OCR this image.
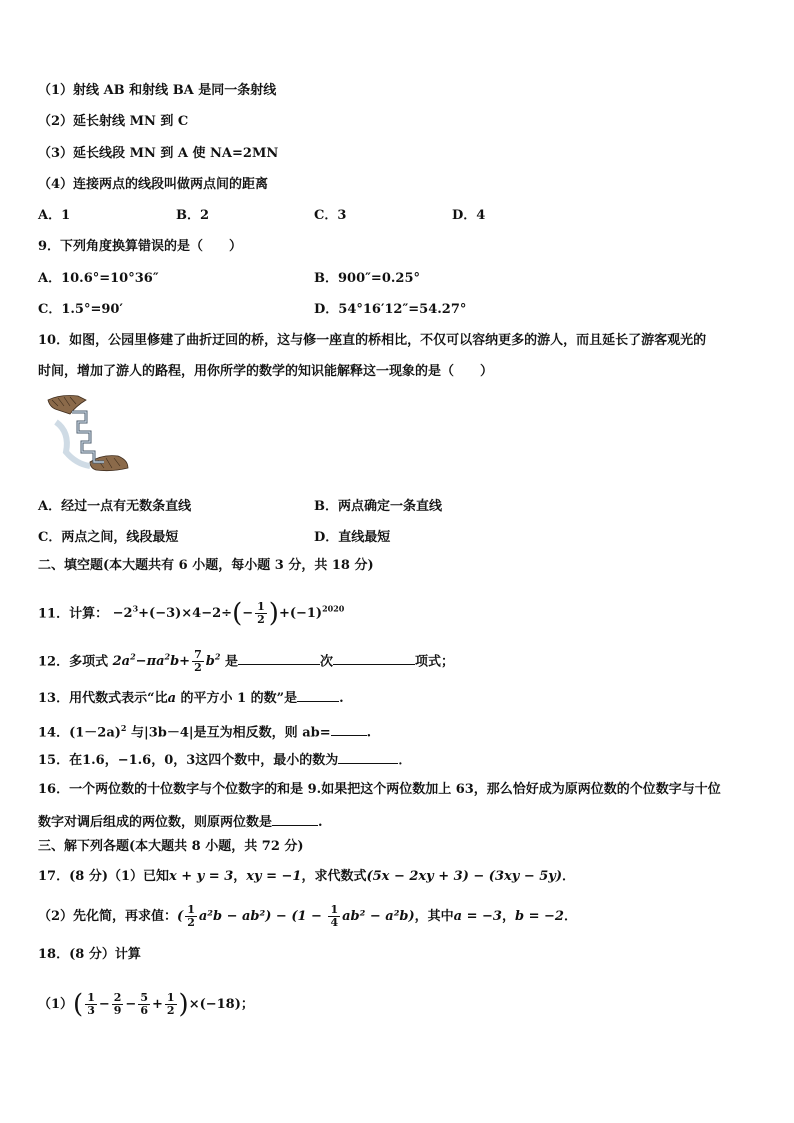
（1）射线 AB 和射线 BA 是同一条射线
（2）延长射线 MN 到 C
（3）延长线段 MN 到 A 使 NA=2MN
（4）连接两点的线段叫做两点间的距离
A．1	B．2	C．3	D．4
9．下列角度换算错误的是（　　）
A．10.6°=10°36″	B．900″=0.25°
C．1.5°=90′	D．54°16′12″=54.27°
10．如图，公园里修建了曲折迂回的桥，这与修一座直的桥相比，不仅可以容纳更多的游人，而且延长了游客观光的
时间，增加了游人的路程，用你所学的数学的知识能解释这一现象的是（　　）
A．经过一点有无数条直线	B．两点确定一条直线
C．两点之间，线段最短	D．直线最短
二、填空题(本大题共有 6 小题，每小题 3 分，共 18 分)
11．计算： $-2^3+(-3)\times 4-2\div(- \frac{1}{2} )+(-1)^{2020}$
12．多项式 $2a^2-\pi a^2b+ \frac{7}{2} b^2$ 是	次	项式；
13．用代数式表示“比a 的平方小 1 的数”是	.
14．$(1-2a)^2$ 与|3b－4|是互为相反数，则 ab=	.
15．在1.6，−1.6，0，3这四个数中，最小的数为	．
16．一个两位数的十位数字与个位数字的和是 9.如果把这个两位数加上 63，那么恰好成为原两位数的个位数字与十位
数字对调后组成的两位数，则原两位数是	.
三、解下列各题(本大题共 8 小题，共 72 分)
17．(8 分)（1）已知x + y = 3，xy = −1，求代数式(5x − 2xy + 3) − (3xy − 5y)．
（2）先化简，再求值：( $\frac{1}{2} a^2b - ab^2) - (1 - \frac{1}{4} ab^2 - a^2b)$，其中a = −3，b = −2．
18．(8 分）计算
$(1)( \frac{1}{3} - \frac{2}{9} - \frac{5}{6} + \frac{1}{2} )\times(-18)$；
